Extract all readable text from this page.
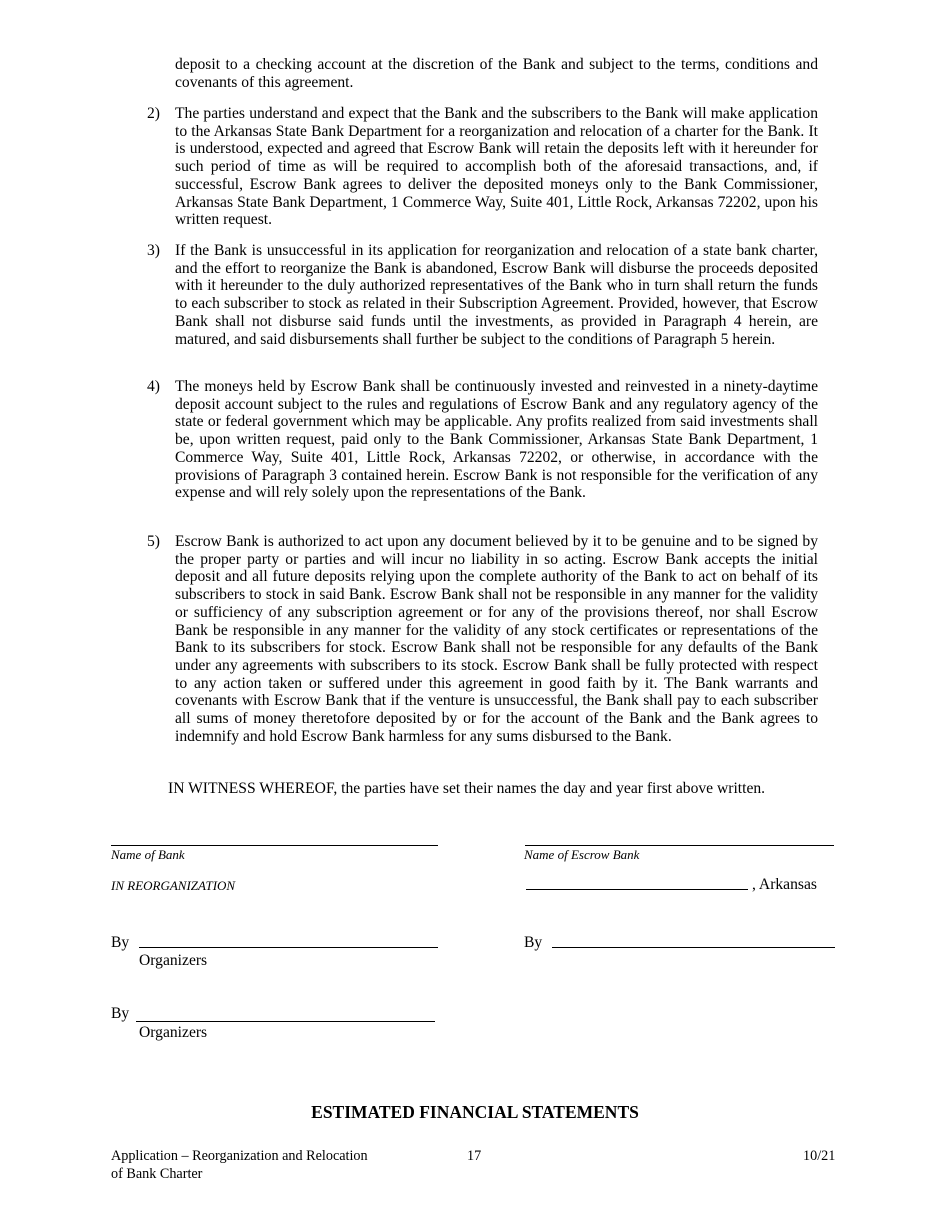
deposit to a checking account at the discretion of the Bank and subject to the terms, conditions and covenants of this agreement.

2) The parties understand and expect that the Bank and the subscribers to the Bank will make application to the Arkansas State Bank Department for a reorganization and relocation of a charter for the Bank. It is understood, expected and agreed that Escrow Bank will retain the deposits left with it hereunder for such period of time as will be required to accomplish both of the aforesaid transactions, and, if successful, Escrow Bank agrees to deliver the deposited moneys only to the Bank Commissioner, Arkansas State Bank Department, 1 Commerce Way, Suite 401, Little Rock, Arkansas 72202, upon his written request.

3) If the Bank is unsuccessful in its application for reorganization and relocation of a state bank charter, and the effort to reorganize the Bank is abandoned, Escrow Bank will disburse the proceeds deposited with it hereunder to the duly authorized representatives of the Bank who in turn shall return the funds to each subscriber to stock as related in their Subscription Agreement. Provided, however, that Escrow Bank shall not disburse said funds until the investments, as provided in Paragraph 4 herein, are matured, and said disbursements shall further be subject to the conditions of Paragraph 5 herein.

4) The moneys held by Escrow Bank shall be continuously invested and reinvested in a ninety-daytime deposit account subject to the rules and regulations of Escrow Bank and any regulatory agency of the state or federal government which may be applicable. Any profits realized from said investments shall be, upon written request, paid only to the Bank Commissioner, Arkansas State Bank Department, 1 Commerce Way, Suite 401, Little Rock, Arkansas 72202, or otherwise, in accordance with the provisions of Paragraph 3 contained herein. Escrow Bank is not responsible for the verification of any expense and will rely solely upon the representations of the Bank.

5) Escrow Bank is authorized to act upon any document believed by it to be genuine and to be signed by the proper party or parties and will incur no liability in so acting. Escrow Bank accepts the initial deposit and all future deposits relying upon the complete authority of the Bank to act on behalf of its subscribers to stock in said Bank. Escrow Bank shall not be responsible in any manner for the validity or sufficiency of any subscription agreement or for any of the provisions thereof, nor shall Escrow Bank be responsible in any manner for the validity of any stock certificates or representations of the Bank to its subscribers for stock. Escrow Bank shall not be responsible for any defaults of the Bank under any agreements with subscribers to its stock. Escrow Bank shall be fully protected with respect to any action taken or suffered under this agreement in good faith by it. The Bank warrants and covenants with Escrow Bank that if the venture is unsuccessful, the Bank shall pay to each subscriber all sums of money theretofore deposited by or for the account of the Bank and the Bank agrees to indemnify and hold Escrow Bank harmless for any sums disbursed to the Bank.

IN WITNESS WHEREOF, the parties have set their names the day and year first above written.

Name of Bank

IN REORGANIZATION

By

Organizers

By

Organizers

Name of Escrow Bank

, Arkansas

By

ESTIMATED FINANCIAL STATEMENTS

Application – Reorganization and Relocation

of Bank Charter

17	10/21
